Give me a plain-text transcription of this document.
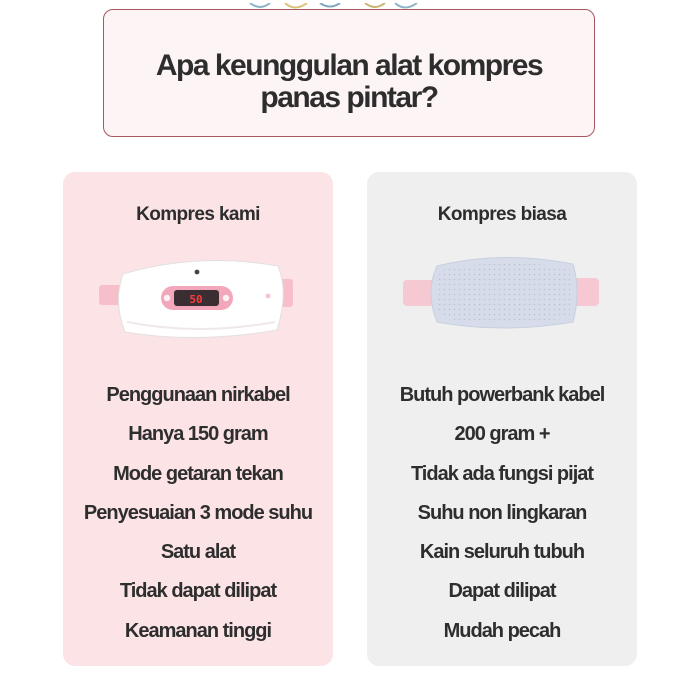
Apa keunggulan alat kompres
panas pintar?
Kompres kami
50
Penggunaan nirkabel
Hanya 150 gram
Mode getaran tekan
Penyesuaian 3 mode suhu
Satu alat
Tidak dapat dilipat
Keamanan tinggi
Kompres biasa
Butuh powerbank kabel
200 gram +
Tidak ada fungsi pijat
Suhu non lingkaran
Kain seluruh tubuh
Dapat dilipat
Mudah pecah
